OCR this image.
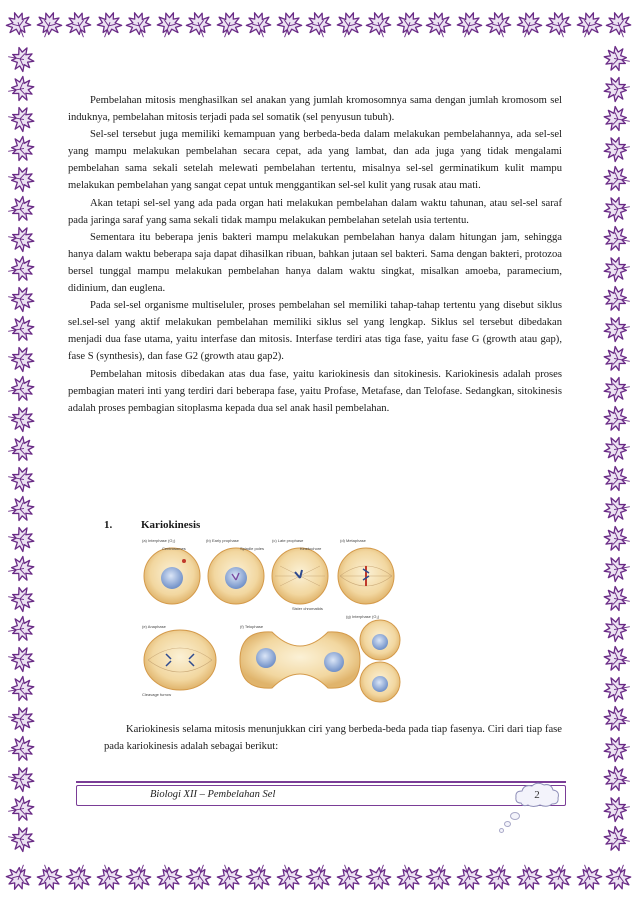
Pembelahan mitosis menghasilkan sel anakan yang jumlah kromosomnya sama dengan jumlah kromosom sel induknya, pembelahan mitosis terjadi pada sel somatik (sel penyusun tubuh).

Sel-sel tersebut juga memiliki kemampuan yang berbeda-beda dalam melakukan pembelahannya, ada sel-sel yang mampu melakukan pembelahan secara cepat, ada yang lambat, dan ada juga yang tidak mengalami pembelahan sama sekali setelah melewati pembelahan tertentu, misalnya sel-sel germinatikum kulit mampu melakukan pembelahan yang sangat cepat untuk menggantikan sel-sel kulit yang rusak atau mati.

Akan tetapi sel-sel yang ada pada organ hati melakukan pembelahan dalam waktu tahunan, atau sel-sel saraf pada jaringa saraf yang sama sekali tidak mampu melakukan pembelahan setelah usia tertentu.

Sementara itu beberapa jenis bakteri mampu melakukan pembelahan hanya dalam hitungan jam, sehingga hanya dalam waktu beberapa saja dapat dihasilkan ribuan, bahkan jutaan sel bakteri. Sama dengan bakteri, protozoa bersel tunggal mampu melakukan pembelahan hanya dalam waktu singkat, misalkan amoeba, paramecium, didinium, dan euglena.

Pada sel-sel organisme multiseluler, proses pembelahan sel memiliki tahap-tahap tertentu yang disebut siklus sel.sel-sel yang aktif melakukan pembelahan memiliki siklus sel yang lengkap. Siklus sel tersebut dibedakan menjadi dua fase utama, yaitu interfase dan mitosis. Interfase terdiri atas tiga fase, yaitu fase G (growth atau gap), fase S (synthesis), dan fase G2 (growth atau gap2).

Pembelahan mitosis dibedakan atas dua fase, yaitu kariokinesis dan sitokinesis. Kariokinesis adalah proses pembagian materi inti yang terdiri dari beberapa fase, yaitu Profase, Metafase, dan Telofase. Sedangkan, sitokinesis adalah proses pembagian sitoplasma kepada dua sel anak hasil pembelahan.

1.	Kariokinesis
(a) Interphase (G₂)	(b) Early prophase	(c) Late prophase	(d) Metaphase
Centrosomes	Spindle poles	Kinetochore
Sister chromatids
(e) Anaphase	(f) Telophase
(g) Interphase (G₁)
Cleavage furrow

Kariokinesis selama mitosis menunjukkan ciri yang berbeda-beda pada tiap fasenya. Ciri dari tiap fase pada kariokinesis adalah sebagai berikut:

Biologi XII – Pembelahan Sel	2
